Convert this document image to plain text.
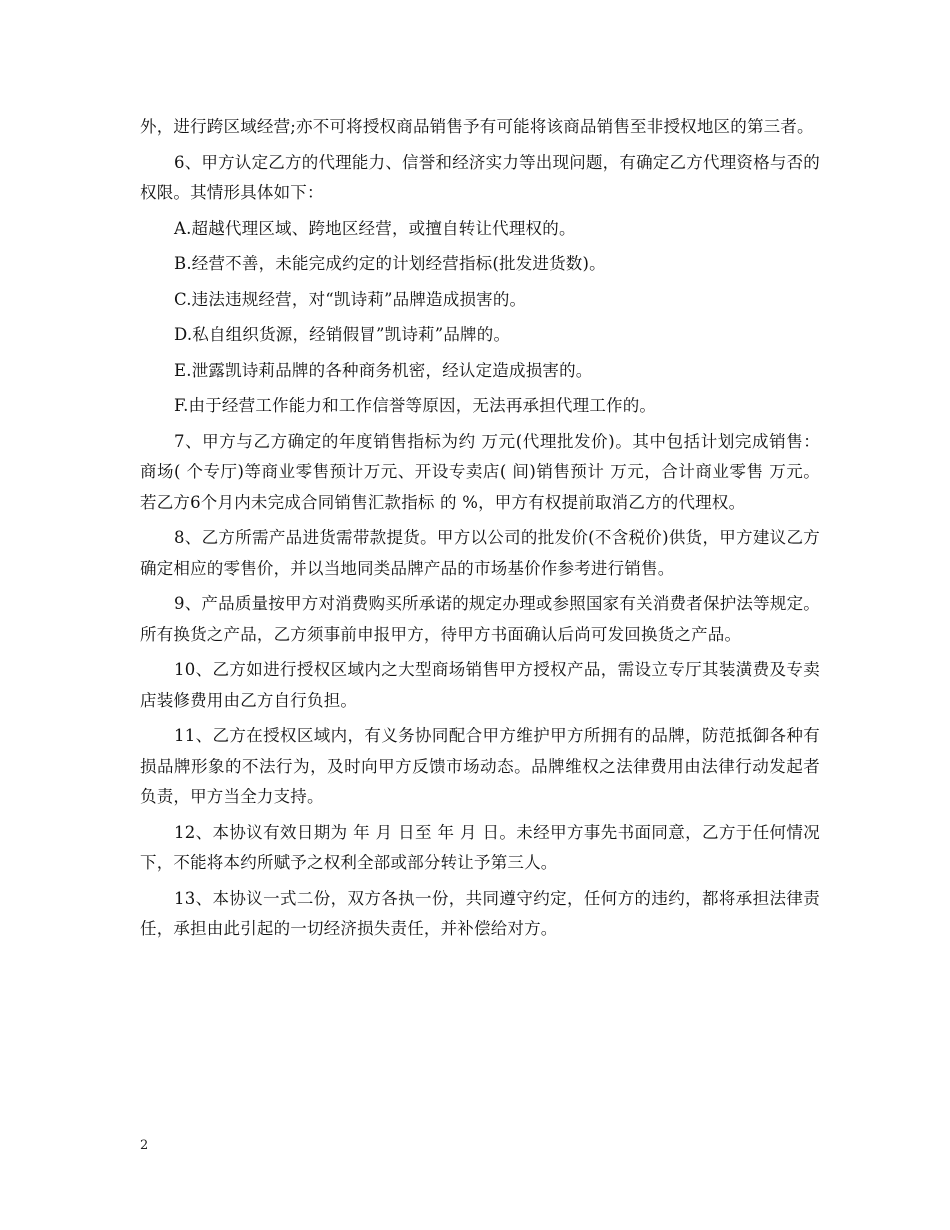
外，进行跨区域经营;亦不可将授权商品销售予有可能将该商品销售至非授权地区的第三者。

6、甲方认定乙方的代理能力、信誉和经济实力等出现问题，有确定乙方代理资格与否的权限。其情形具体如下：

A.超越代理区域、跨地区经营，或擅自转让代理权的。

B.经营不善，未能完成约定的计划经营指标(批发进货数)。

C.违法违规经营，对“凯诗莉”品牌造成损害的。

D.私自组织货源，经销假冒”凯诗莉”品牌的。

E.泄露凯诗莉品牌的各种商务机密，经认定造成损害的。

F.由于经营工作能力和工作信誉等原因，无法再承担代理工作的。

7、甲方与乙方确定的年度销售指标为约 万元(代理批发价)。其中包括计划完成销售：商场( 个专厅)等商业零售预计万元、开设专卖店( 间)销售预计 万元，合计商业零售 万元。若乙方6个月内未完成合同销售汇款指标 的 %，甲方有权提前取消乙方的代理权。

8、乙方所需产品进货需带款提货。甲方以公司的批发价(不含税价)供货，甲方建议乙方确定相应的零售价，并以当地同类品牌产品的市场基价作参考进行销售。

9、产品质量按甲方对消费购买所承诺的规定办理或参照国家有关消费者保护法等规定。 所有换货之产品，乙方须事前申报甲方，待甲方书面确认后尚可发回换货之产品。

10、乙方如进行授权区域内之大型商场销售甲方授权产品，需设立专厅其装潢费及专卖店装修费用由乙方自行负担。

11、乙方在授权区域内，有义务协同配合甲方维护甲方所拥有的品牌，防范抵御各种有损品牌形象的不法行为，及时向甲方反馈市场动态。品牌维权之法律费用由法律行动发起者负责，甲方当全力支持。

12、本协议有效日期为 年 月 日至 年 月 日。未经甲方事先书面同意，乙方于任何情况下，不能将本约所赋予之权利全部或部分转让予第三人。

13、本协议一式二份，双方各执一份，共同遵守约定，任何方的违约，都将承担法律责任，承担由此引起的一切经济损失责任，并补偿给对方。

2
